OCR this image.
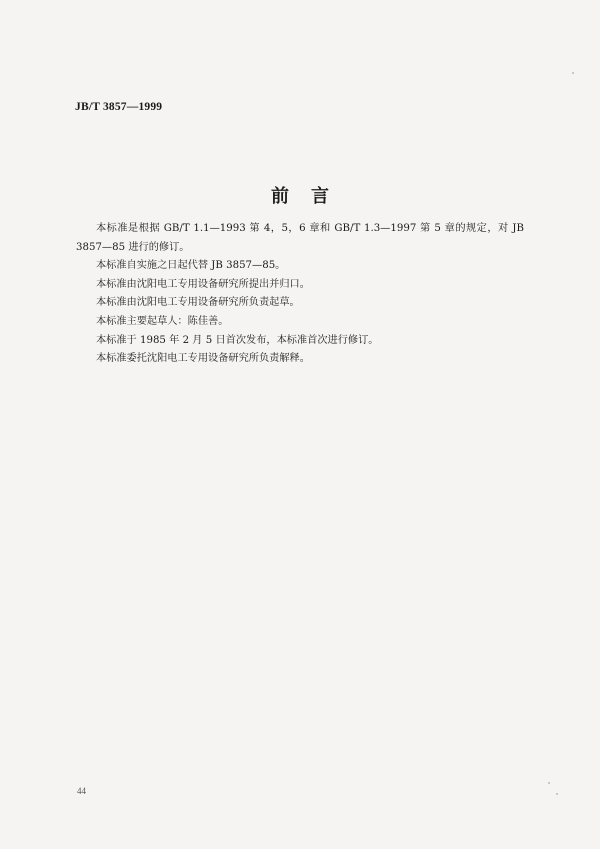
JB/T 3857—1999
前言

本标准是根据 GB/T 1.1—1993 第 4，5，6 章和 GB/T 1.3—1997 第 5 章的规定，对 JB 3857—85 进行的修订。

本标准自实施之日起代替 JB 3857—85。

本标准由沈阳电工专用设备研究所提出并归口。

本标准由沈阳电工专用设备研究所负责起草。

本标准主要起草人：陈佳善。

本标准于 1985 年 2 月 5 日首次发布，本标准首次进行修订。

本标准委托沈阳电工专用设备研究所负责解释。

44
